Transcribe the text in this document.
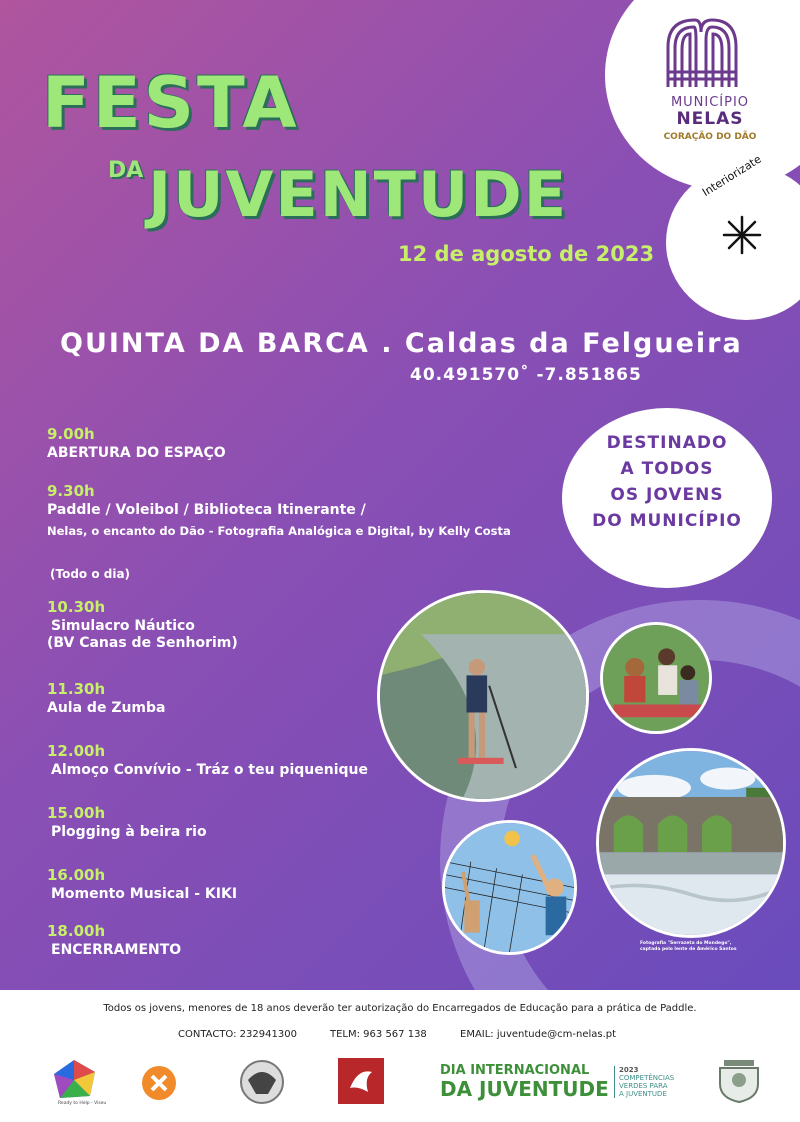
MUNICÍPIO
NELAS
CORAÇÃO DO DÃO
Interiorizate
FESTA
DA JUVENTUDE
12 de agosto de 2023
QUINTA DA BARCA . Caldas da Felgueira
40.491570˚ -7.851865
DESTINADO
A TODOS
OS JOVENS
DO MUNICÍPIO
9.00h
ABERTURA DO ESPAÇO
9.30h
Paddle / Voleibol / Biblioteca Itinerante /
Nelas, o encanto do Dão - Fotografia Analógica e Digital, by Kelly Costa
(Todo o dia)
10.30h
Simulacro Náutico
(BV Canas de Senhorim)
11.30h
Aula de Zumba
12.00h
Almoço Convívio - Tráz o teu piquenique
15.00h
Plogging à beira rio
16.00h
Momento Musical - KIKI
18.00h
ENCERRAMENTO	Fotografia "Serrazeta do Mondego", captada pelo lente de Américo Santos
Todos os jovens, menores de 18 anos deverão ter autorização do Encarregados de Educação para a prática de Paddle.
CONTACTO: 232941300	TELM: 963 567 138	EMAIL: juventude@cm-nelas.pt
Ready to Help - Viseu
DIA INTERNACIONAL
DA JUVENTUDE
2023
COMPETÊNCIAS
VERDES PARA
A JUVENTUDE
